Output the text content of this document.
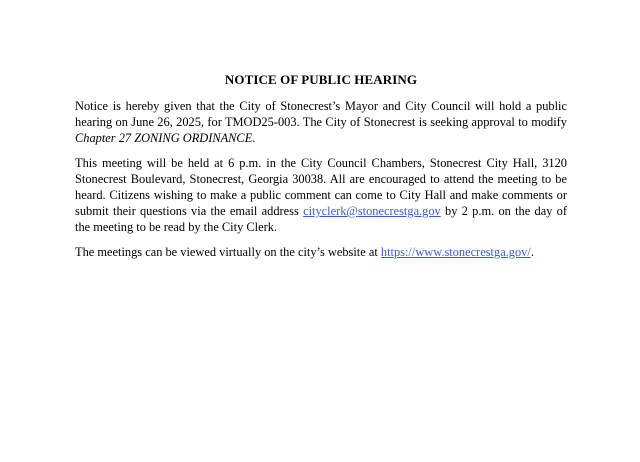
NOTICE OF PUBLIC HEARING

Notice is hereby given that the City of Stonecrest’s Mayor and City Council will hold a public hearing on June 26, 2025, for TMOD25-003. The City of Stonecrest is seeking approval to modify Chapter 27 ZONING ORDINANCE.

This meeting will be held at 6 p.m. in the City Council Chambers, Stonecrest City Hall, 3120 Stonecrest Boulevard, Stonecrest, Georgia 30038. All are encouraged to attend the meeting to be heard. Citizens wishing to make a public comment can come to City Hall and make comments or submit their questions via the email address cityclerk@stonecrestga.gov by 2 p.m. on the day of the meeting to be read by the City Clerk.

The meetings can be viewed virtually on the city’s website at https://www.stonecrestga.gov/.
